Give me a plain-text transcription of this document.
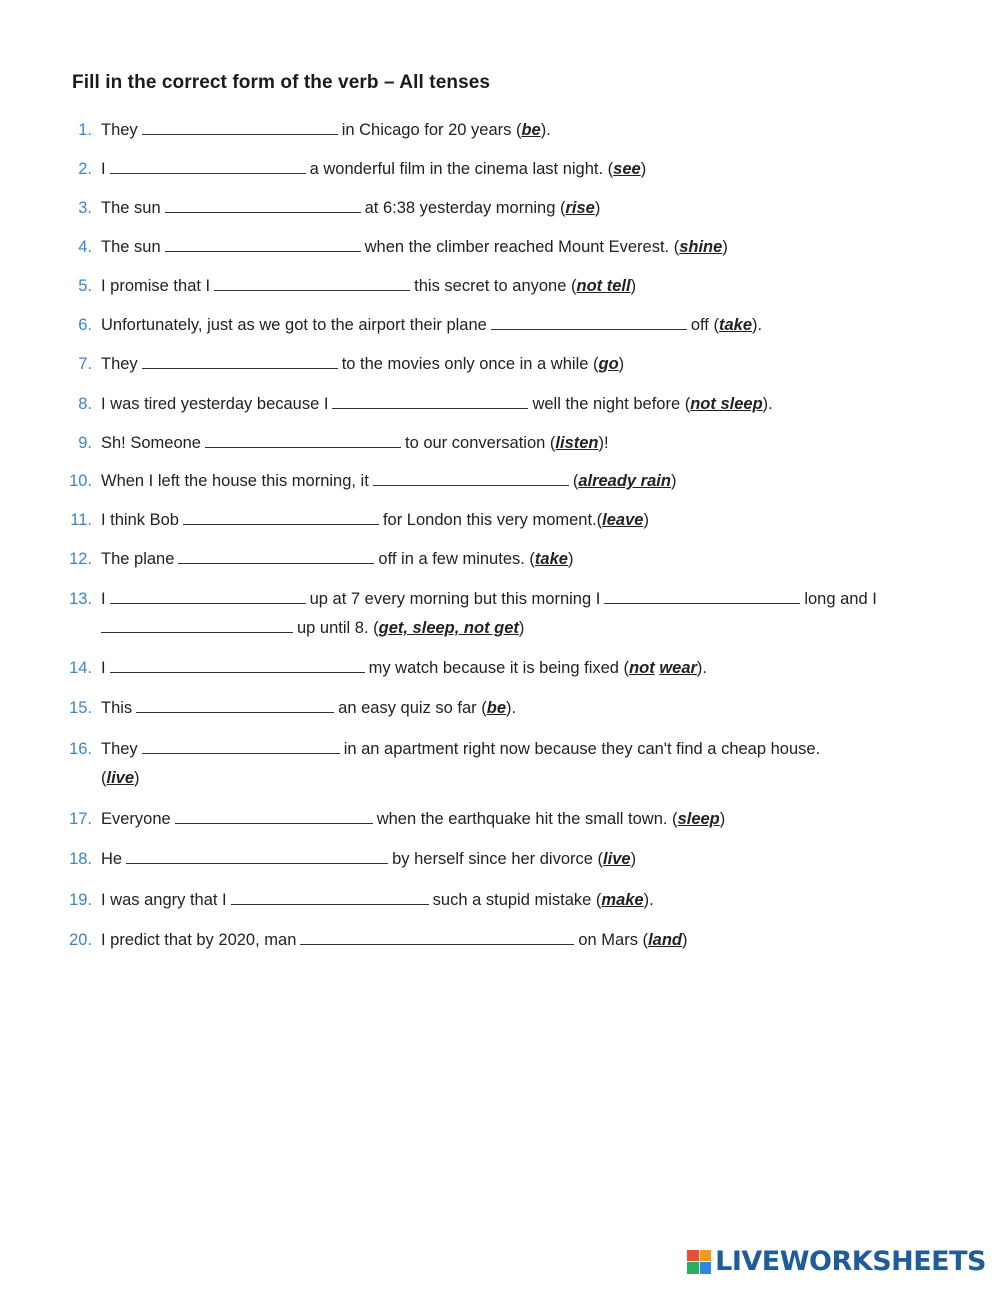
Fill in the correct form of the verb – All tenses
1. They	in Chicago for 20 years (be).
2. I	a wonderful film in the cinema last night. (see)
3. The sun	at 6:38 yesterday morning (rise)
4. The sun	when the climber reached Mount Everest. (shine)
5. I promise that I	this secret to anyone (not tell)
6. Unfortunately, just as we got to the airport their plane	off (take).
7. They	to the movies only once in a while (go)
8. I was tired yesterday because I	well the night before (not sleep).
9. Sh! Someone	to our conversation (listen)!
10. When I left the house this morning, it	(already rain)
11. I think Bob	for London this very moment.(leave)
12. The plane	off in a few minutes. (take)
13. I	up at 7 every morning but this morning I	long and I
up until 8. (get, sleep, not get)
14. I	my watch because it is being fixed (not wear).
15. This	an easy quiz so far (be).
16. They	in an apartment right now because they can't find a cheap house.
(live)
17. Everyone	when the earthquake hit the small town. (sleep)
18. He	by herself since her divorce (live)
19. I was angry that I	such a stupid mistake (make).
20. I predict that by 2020, man	on Mars (land)
LIVEWORKSHEETS
